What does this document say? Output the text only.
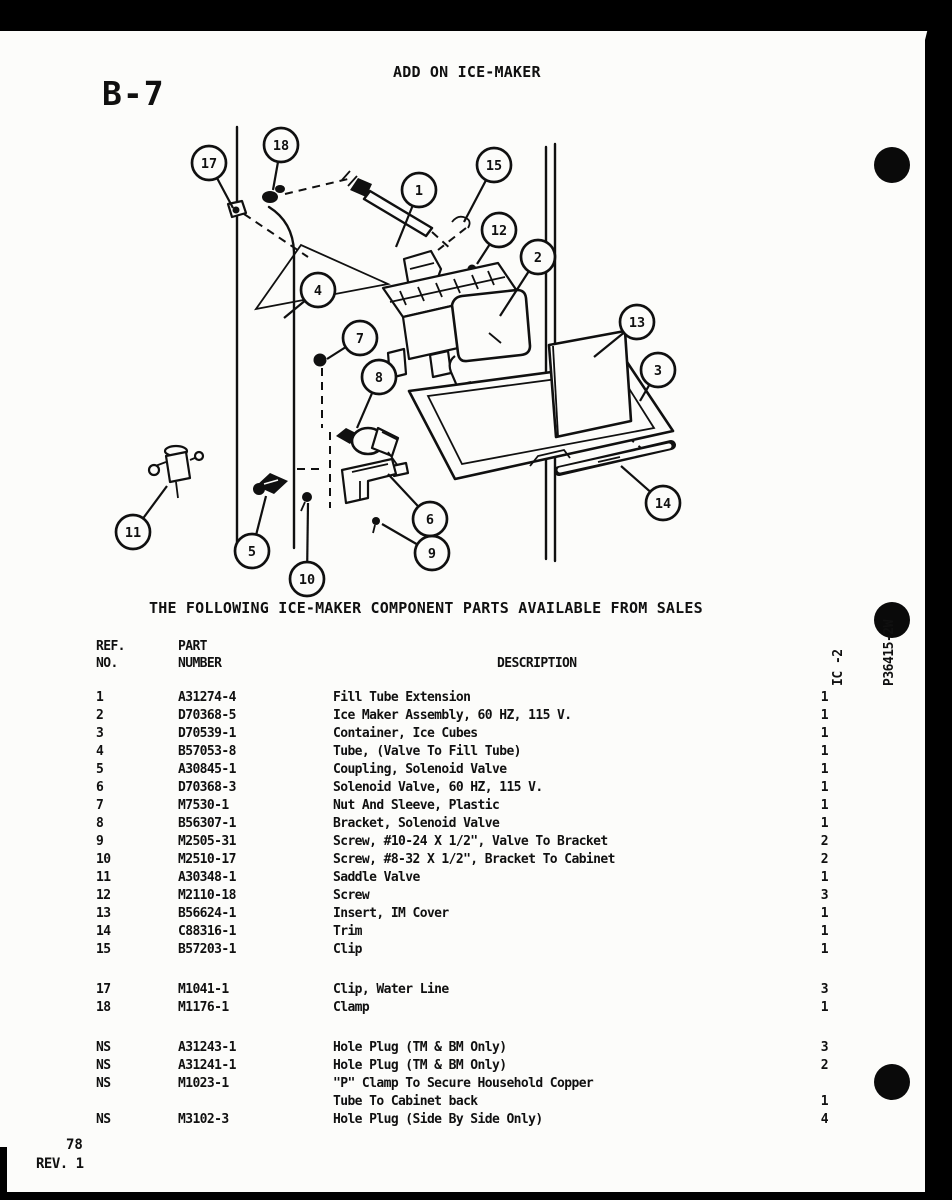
B-7
ADD ON ICE-MAKER
17
18
1
15
12
2
4
7
8
13
3
14
11
5
10
6
9
THE FOLLOWING ICE-MAKER COMPONENT PARTS AVAILABLE FROM SALES
REF.
NO.
PART
NUMBER	DESCRIPTION
1	A31274-4	Fill Tube Extension	1
2	D70368-5	Ice Maker Assembly, 60 HZ, 115 V.	1
3	D70539-1	Container, Ice Cubes	1
4	B57053-8	Tube, (Valve To Fill Tube)	1
5	A30845-1	Coupling, Solenoid Valve	1
6	D70368-3	Solenoid Valve, 60 HZ, 115 V.	1
7	M7530-1	Nut And Sleeve, Plastic	1
8	B56307-1	Bracket, Solenoid Valve	1
9	M2505-31	Screw, #10-24 X 1/2", Valve To Bracket	2
10	M2510-17	Screw, #8-32 X 1/2", Bracket To Cabinet	2
11	A30348-1	Saddle Valve	1
12	M2110-18	Screw	3
13	B56624-1	Insert, IM Cover	1
14	C88316-1	Trim	1
15	B57203-1	Clip	1
17	M1041-1	Clip, Water Line	3
18	M1176-1	Clamp	1
NS	A31243-1	Hole Plug (TM & BM Only)	3
NS	A31241-1	Hole Plug (TM & BM Only)	2
NS	M1023-1	"P" Clamp To Secure Household Copper
Tube To Cabinet back	1
NS	M3102-3	Hole Plug (Side By Side Only)	4

IC -2

	P36415-2W

78
REV. 1
